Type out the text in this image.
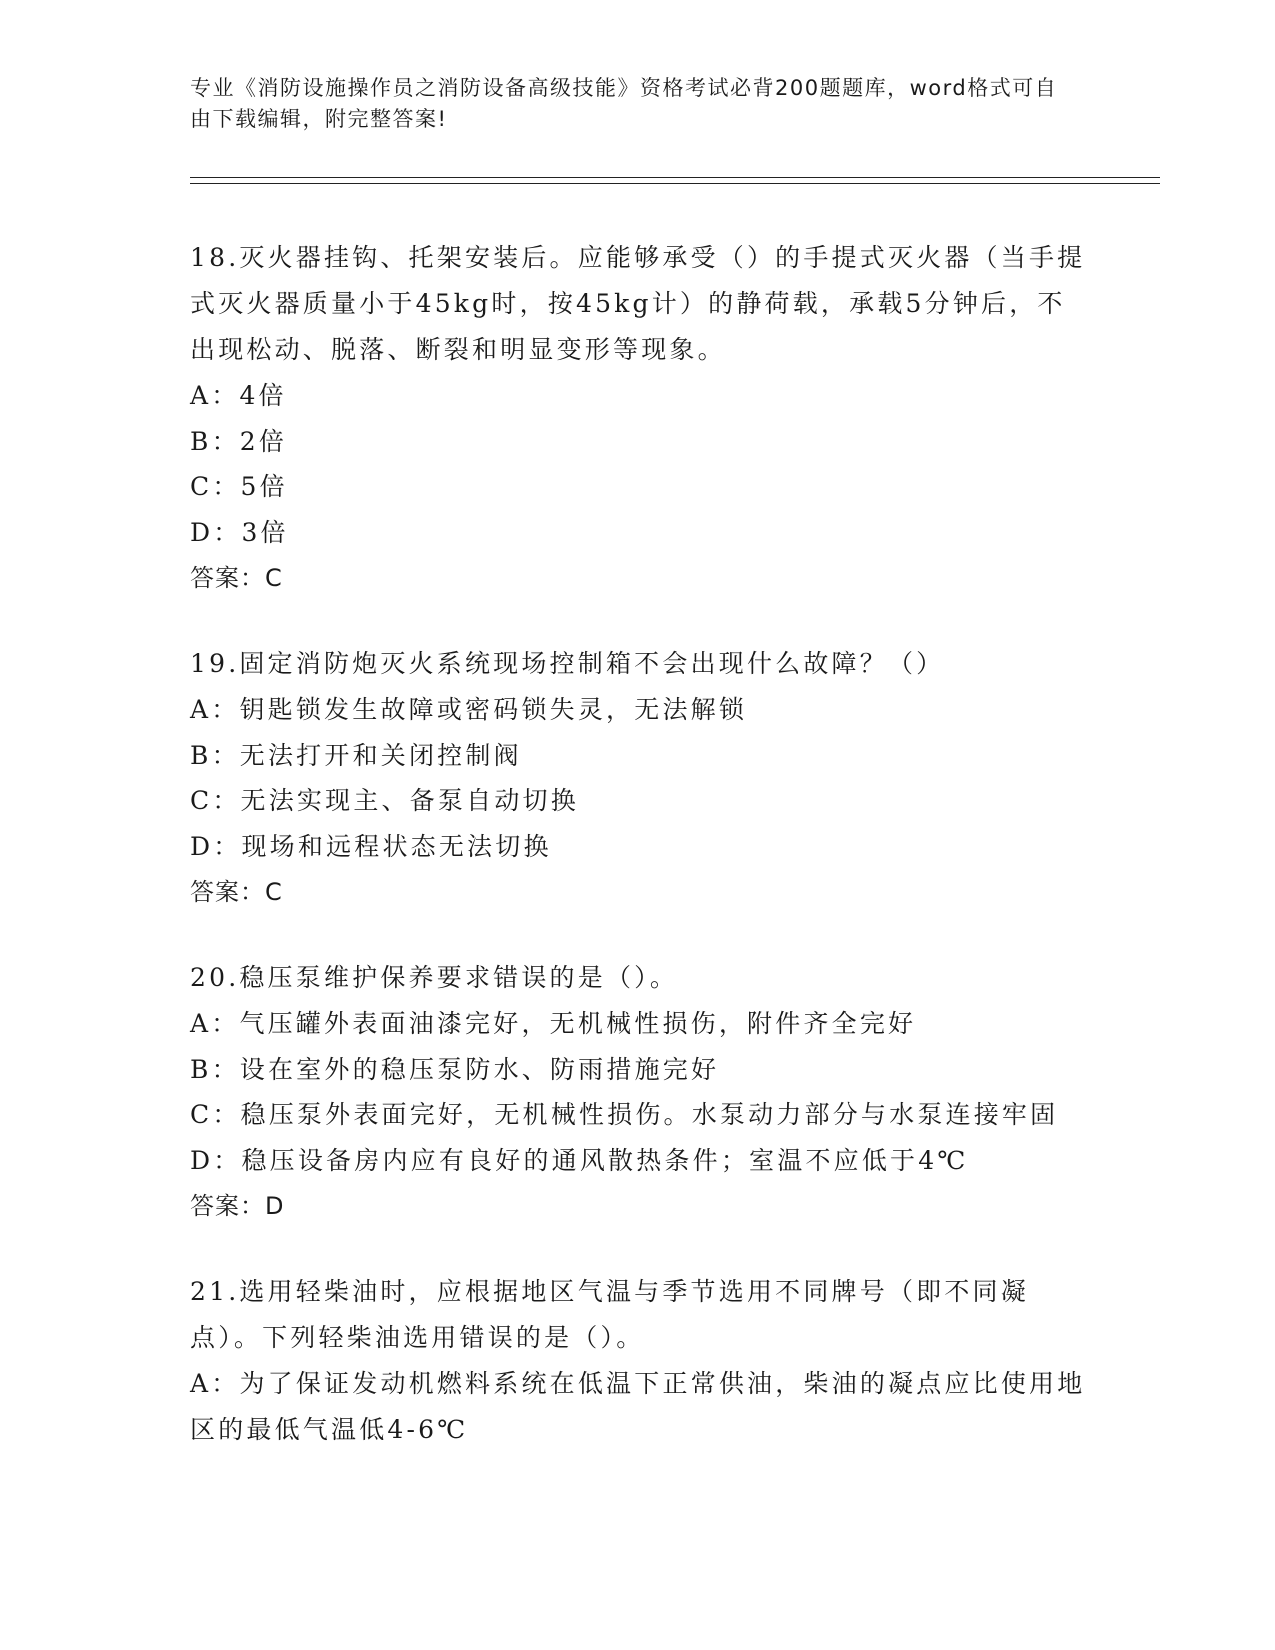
专业《消防设施操作员之消防设备高级技能》资格考试必背200题题库，word格式可自由下载编辑，附完整答案!

18.灭火器挂钩、托架安装后。应能够承受（）的手提式灭火器（当手提式灭火器质量小于45kg时，按45kg计）的静荷载，承载5分钟后，不出现松动、脱落、断裂和明显变形等现象。

A：4倍

B：2倍

C：5倍

D：3倍

答案：C

19.固定消防炮灭火系统现场控制箱不会出现什么故障？（）

A：钥匙锁发生故障或密码锁失灵，无法解锁

B：无法打开和关闭控制阀

C：无法实现主、备泵自动切换

D：现场和远程状态无法切换

答案：C

20.稳压泵维护保养要求错误的是（）。

A：气压罐外表面油漆完好，无机械性损伤，附件齐全完好

B：设在室外的稳压泵防水、防雨措施完好

C：稳压泵外表面完好，无机械性损伤。水泵动力部分与水泵连接牢固

D：稳压设备房内应有良好的通风散热条件；室温不应低于4℃

答案：D

21.选用轻柴油时，应根据地区气温与季节选用不同牌号（即不同凝点）。下列轻柴油选用错误的是（）。

A：为了保证发动机燃料系统在低温下正常供油，柴油的凝点应比使用地区的最低气温低4-6℃
